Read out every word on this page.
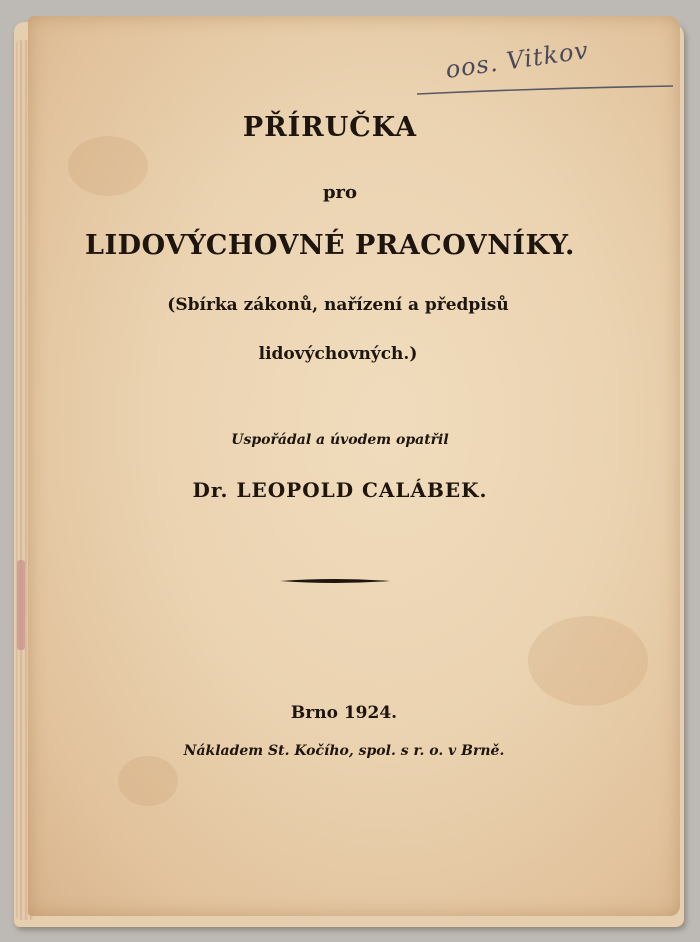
oos. Vitkov
PŘÍRUČKA

pro

LIDOVÝCHOVNÉ PRACOVNÍKY.

(Sbírka zákonů, nařízení a předpisů

lidovýchovných.)

Uspořádal a úvodem opatřil

Dr. LEOPOLD CALÁBEK.

Brno 1924.

Nákladem St. Kočího, spol. s r. o. v Brně.
